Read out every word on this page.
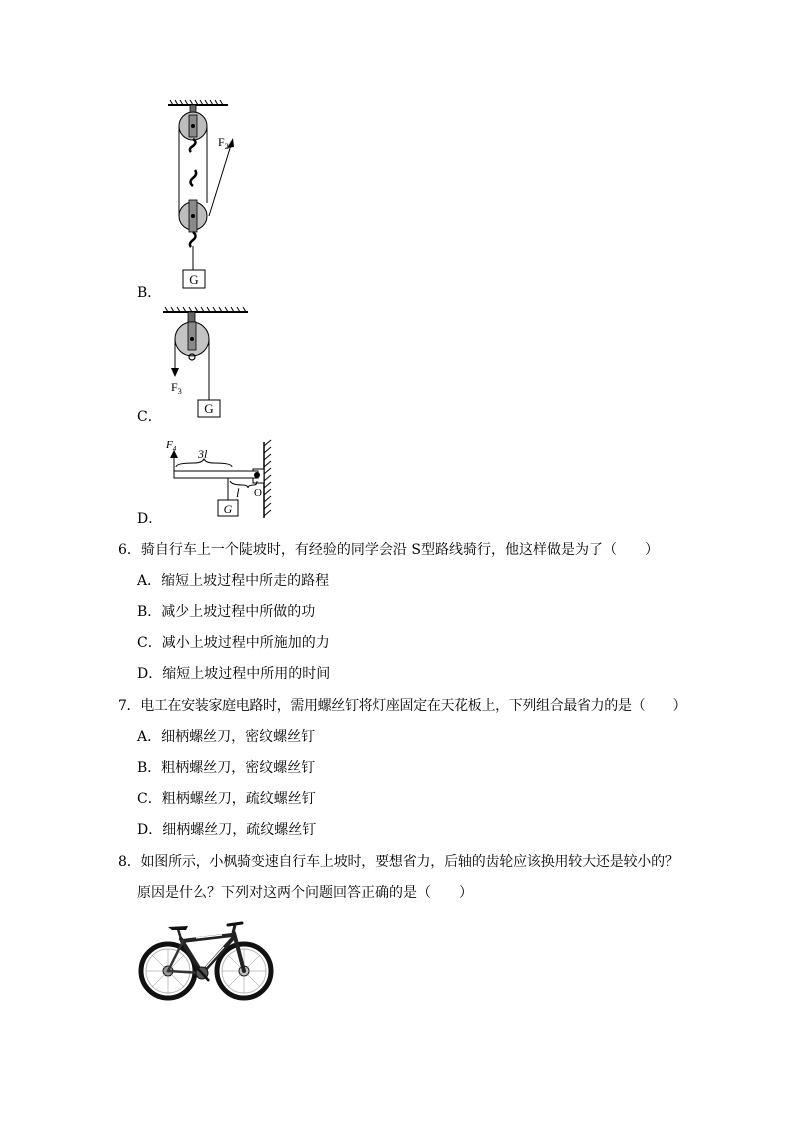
G
$F_2$
B．
G
$F_3$
C．
G
3l
l O
$F_4$
D．
6．骑自行车上一个陡坡时，有经验的同学会沿 S型路线骑行，他这样做是为了（　　）
A．缩短上坡过程中所走的路程
B．减少上坡过程中所做的功
C．减小上坡过程中所施加的力
D．缩短上坡过程中所用的时间
7．电工在安装家庭电路时，需用螺丝钉将灯座固定在天花板上，下列组合最省力的是（　　）
A．细柄螺丝刀，密纹螺丝钉
B．粗柄螺丝刀，密纹螺丝钉
C．粗柄螺丝刀，疏纹螺丝钉
D．细柄螺丝刀，疏纹螺丝钉
8．如图所示，小枫骑变速自行车上坡时，要想省力，后轴的齿轮应该换用较大还是较小的？
原因是什么？下列对这两个问题回答正确的是（　　）
